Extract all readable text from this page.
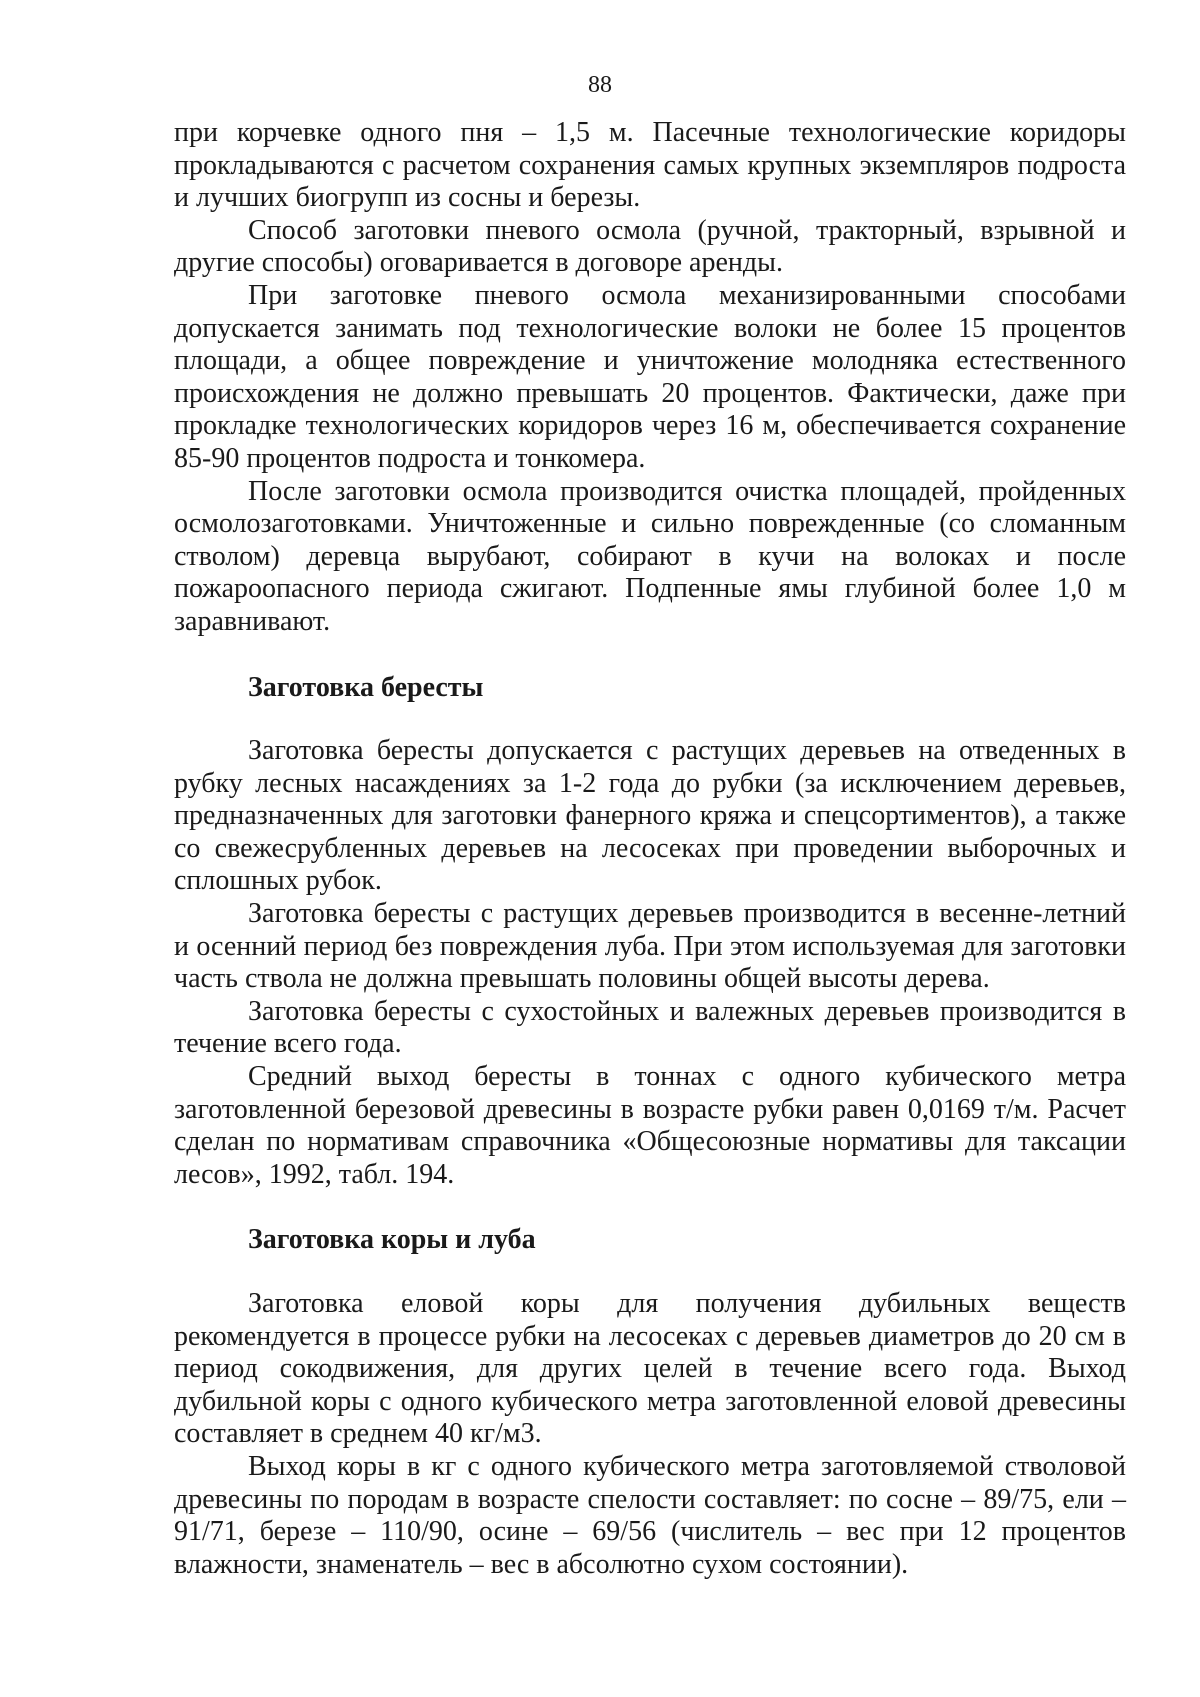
88

при корчевке одного пня – 1,5 м. Пасечные технологические коридоры прокладываются с расчетом сохранения самых крупных экземпляров подроста и лучших биогрупп из сосны и березы.

Способ заготовки пневого осмола (ручной, тракторный, взрывной и другие способы) оговаривается в договоре аренды.

При заготовке пневого осмола механизированными способами допускается занимать под технологические волоки не более 15 процентов площади, а общее повреждение и уничтожение молодняка естественного происхождения не должно превышать 20 процентов. Фактически, даже при прокладке технологических коридоров через 16 м, обеспечивается сохранение 85-90 процентов подроста и тонкомера.

После заготовки осмола производится очистка площадей, пройденных осмолозаготовками. Уничтоженные и сильно поврежденные (со сломанным стволом) деревца вырубают, собирают в кучи на волоках и после пожароопасного периода сжигают. Подпенные ямы глубиной более 1,0 м заравнивают.

Заготовка бересты

Заготовка бересты допускается с растущих деревьев на отведенных в рубку лесных насаждениях за 1-2 года до рубки (за исключением деревьев, предназначенных для заготовки фанерного кряжа и спецсортиментов), а также со свежесрубленных деревьев на лесосеках при проведении выборочных и сплошных рубок.

Заготовка бересты с растущих деревьев производится в весенне-летний и осенний период без повреждения луба. При этом используемая для заготовки часть ствола не должна превышать половины общей высоты дерева.

Заготовка бересты с сухостойных и валежных деревьев производится в течение всего года.

Средний выход бересты в тоннах с одного кубического метра заготовленной березовой древесины в возрасте рубки равен 0,0169 т/м. Расчет сделан по нормативам справочника «Общесоюзные нормативы для таксации лесов», 1992, табл. 194.

Заготовка коры и луба

Заготовка еловой коры для получения дубильных веществ рекомендуется в процессе рубки на лесосеках с деревьев диаметров до 20 см в период сокодвижения, для других целей в течение всего года. Выход дубильной коры с одного кубического метра заготовленной еловой древесины составляет в среднем 40 кг/м3.

Выход коры в кг с одного кубического метра заготовляемой стволовой древесины по породам в возрасте спелости составляет: по сосне – 89/75, ели – 91/71, березе – 110/90, осине – 69/56 (числитель – вес при 12 процентов влажности, знаменатель – вес в абсолютно сухом состоянии).
